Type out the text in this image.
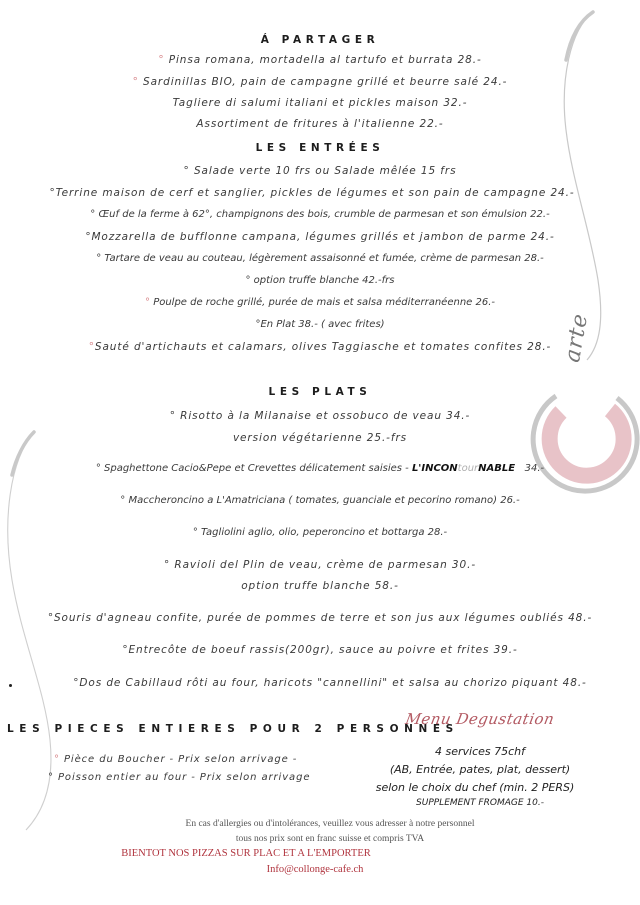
arte
Á PARTAGER
° Pinsa romana, mortadella al tartufo et burrata 28.-
° Sardinillas BIO, pain de campagne grillé et beurre salé 24.-
Tagliere di salumi italiani et pickles maison 32.-
Assortiment de fritures à l'italienne 22.-
LES ENTRÉES
° Salade verte 10 frs ou Salade mêlée 15 frs
°Terrine maison de cerf et sanglier, pickles de légumes et son pain de campagne 24.-
° Œuf de la ferme à 62°, champignons des bois, crumble de parmesan et son émulsion 22.-
°Mozzarella de bufflonne campana, légumes grillés et jambon de parme 24.-
° Tartare de veau au couteau, légèrement assaisonné et fumée, crème de parmesan 28.-
° option truffe blanche 42.-frs
° Poulpe de roche grillé, purée de mais et salsa méditerranéenne 26.-
°En Plat 38.- ( avec frites)
°Sauté d'artichauts et calamars, olives Taggiasche et tomates confites 28.-
LES PLATS
° Risotto à la Milanaise et ossobuco de veau 34.-
version végétarienne 25.-frs
° Spaghettone Cacio&Pepe et Crevettes délicatement saisies - L'INCONtourNABLE 34.-
° Maccheroncino a L'Amatriciana ( tomates, guanciale et pecorino romano) 26.-
° Tagliolini aglio, olio, peperoncino et bottarga 28.-
° Ravioli del Plin de veau, crème de parmesan 30.-
option truffe blanche 58.-
°Souris d'agneau confite, purée de pommes de terre et son jus aux légumes oubliés 48.-
°Entrecôte de boeuf rassis(200gr), sauce au poivre et frites 39.-
°Dos de Cabillaud rôti au four, haricots "cannellini" et salsa au chorizo piquant 48.-
LES PIECES ENTIERES POUR 2 PERSONNES
° Pièce du Boucher - Prix selon arrivage -
° Poisson entier au four - Prix selon arrivage
Menu Degustation
4 services 75chf
(AB, Entrée, pates, plat, dessert)
selon le choix du chef (min. 2 PERS)
SUPPLEMENT FROMAGE 10.-
En cas d'allergies ou d'intolérances, veuillez vous adresser à notre personnel
tous nos prix sont en franc suisse et compris TVA
BIENTOT NOS PIZZAS SUR PLAC ET A L'EMPORTER
Info@collonge-cafe.ch
